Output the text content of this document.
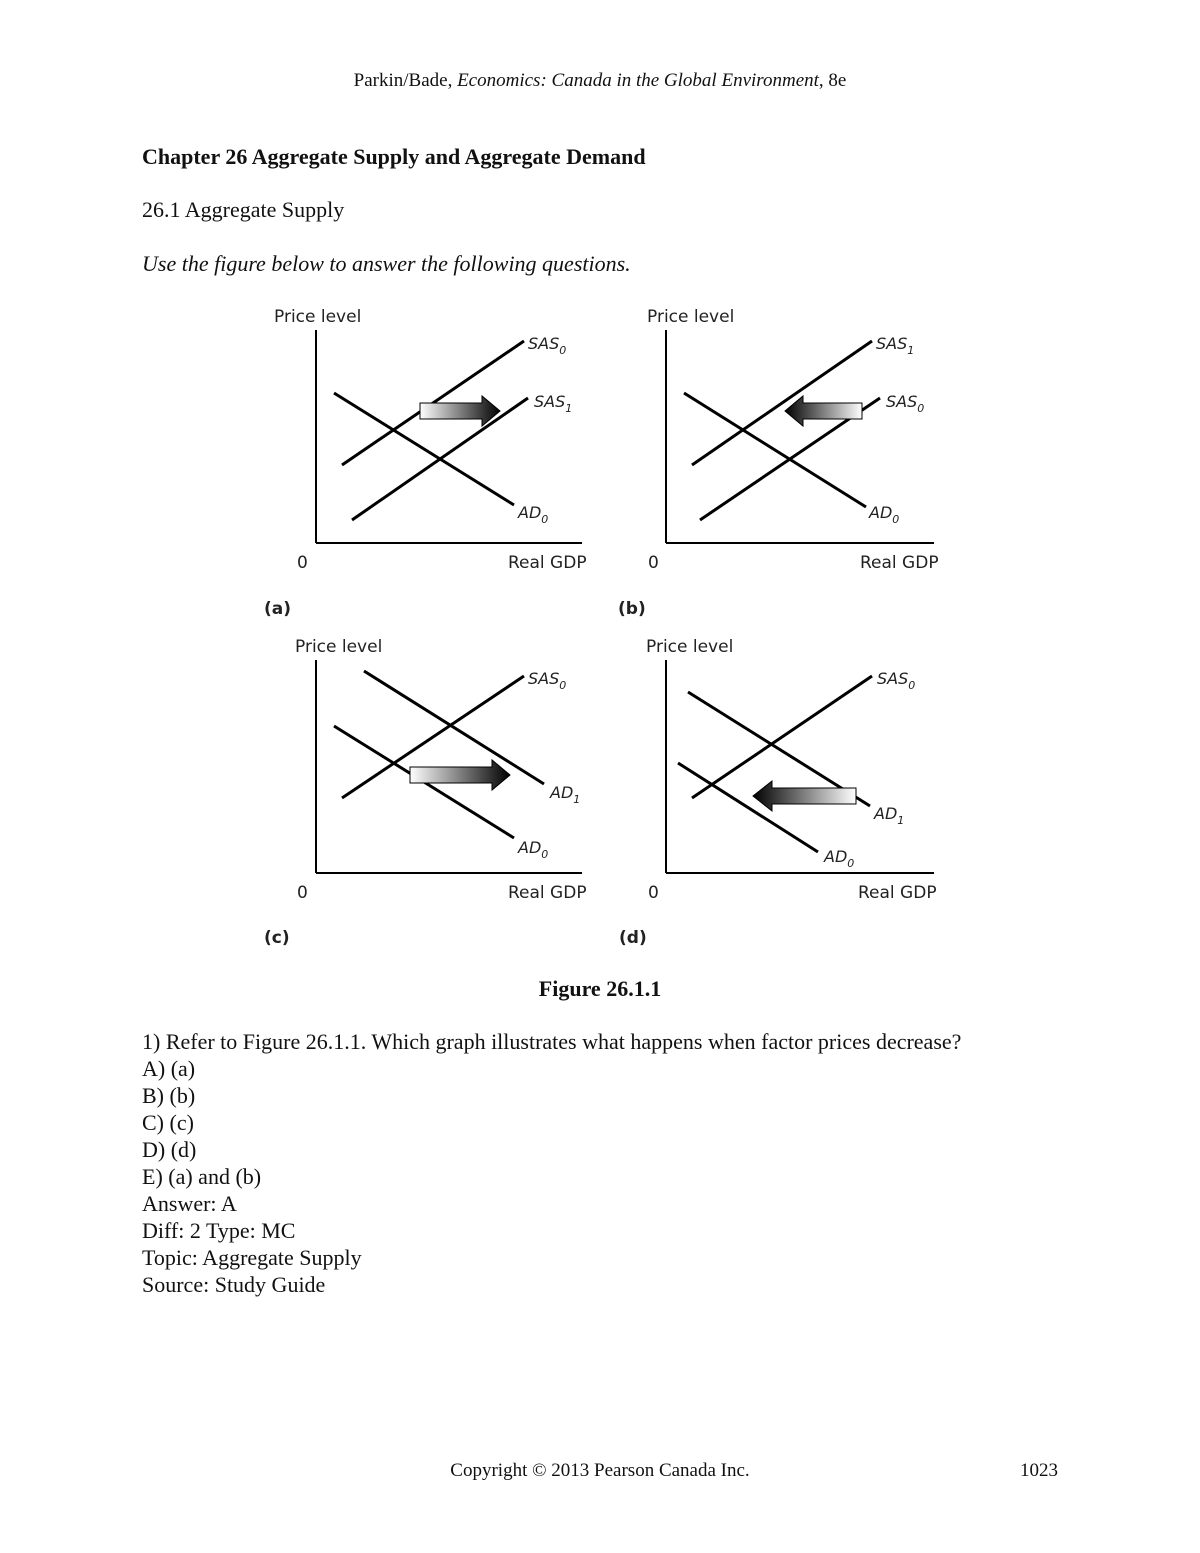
Parkin/Bade, Economics: Canada in the Global Environment, 8e
Chapter 26 Aggregate Supply and Aggregate Demand
26.1 Aggregate Supply
Use the figure below to answer the following questions.
Price level
0	Real GDP
$SAS_0$
$SAS_1$
$AD_0$
(a)
Price level
0	Real GDP
$SAS_1$
$SAS_0$
$AD_0$
(b)
Price level
0	Real GDP
$SAS_0$
$AD_1$
$AD_0$
(c)
Price level
0	Real GDP
$SAS_0$
$AD_1$
$AD_0$
(d)
Figure 26.1.1
1) Refer to Figure 26.1.1. Which graph illustrates what happens when factor prices decrease?
A) (a)
B) (b)
C) (c)
D) (d)
E) (a) and (b)
Answer: A
Diff: 2 Type: MC
Topic: Aggregate Supply
Source: Study Guide
Copyright © 2013 Pearson Canada Inc.	1023
